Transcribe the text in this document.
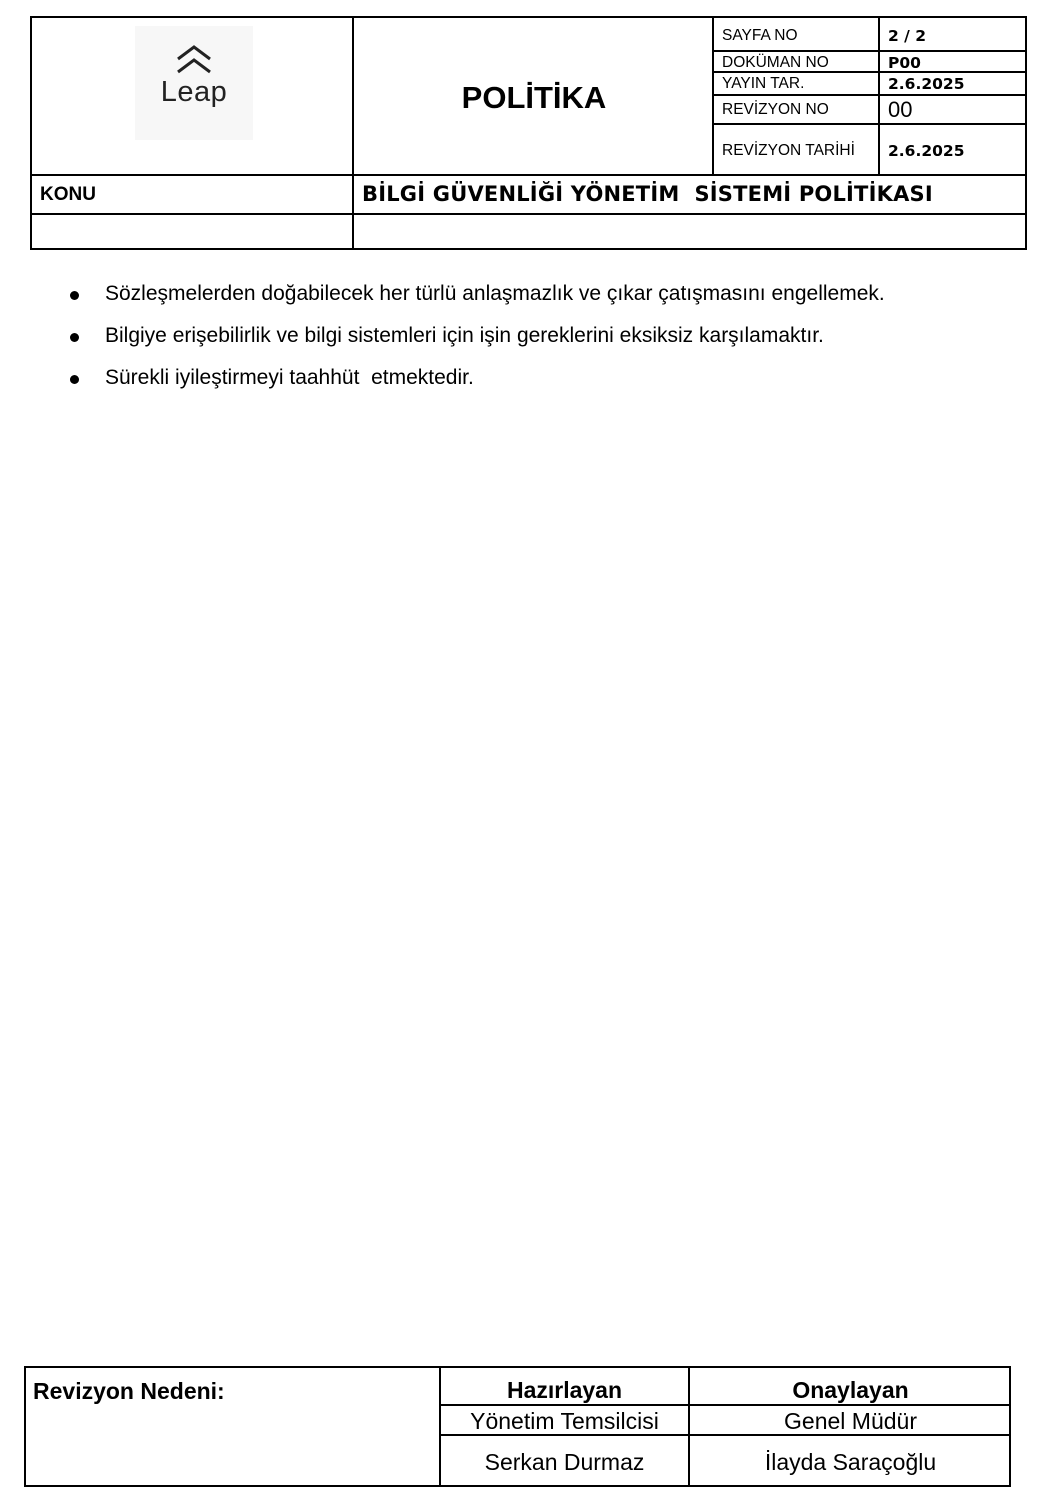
Leap	POLİTİKA
SAYFA NO	2 / 2
DOKÜMAN NO	P00
YAYIN TAR.	2.6.2025
REVİZYON NO	00
REVİZYON TARİHİ 2.6.2025
KONU	BİLGİ GÜVENLİĞİ YÖNETİM  SİSTEMİ POLİTİKASI
Sözleşmelerden doğabilecek her türlü anlaşmazlık ve çıkar çatışmasını engellemek.
Bilgiye erişebilirlik ve bilgi sistemleri için işin gereklerini eksiksiz karşılamaktır.
Sürekli iyileştirmeyi taahhüt  etmektedir.
Revizyon Nedeni:	Hazırlayan	Onaylayan
Yönetim Temsilcisi	Genel Müdür
Serkan Durmaz	İlayda Saraçoğlu
